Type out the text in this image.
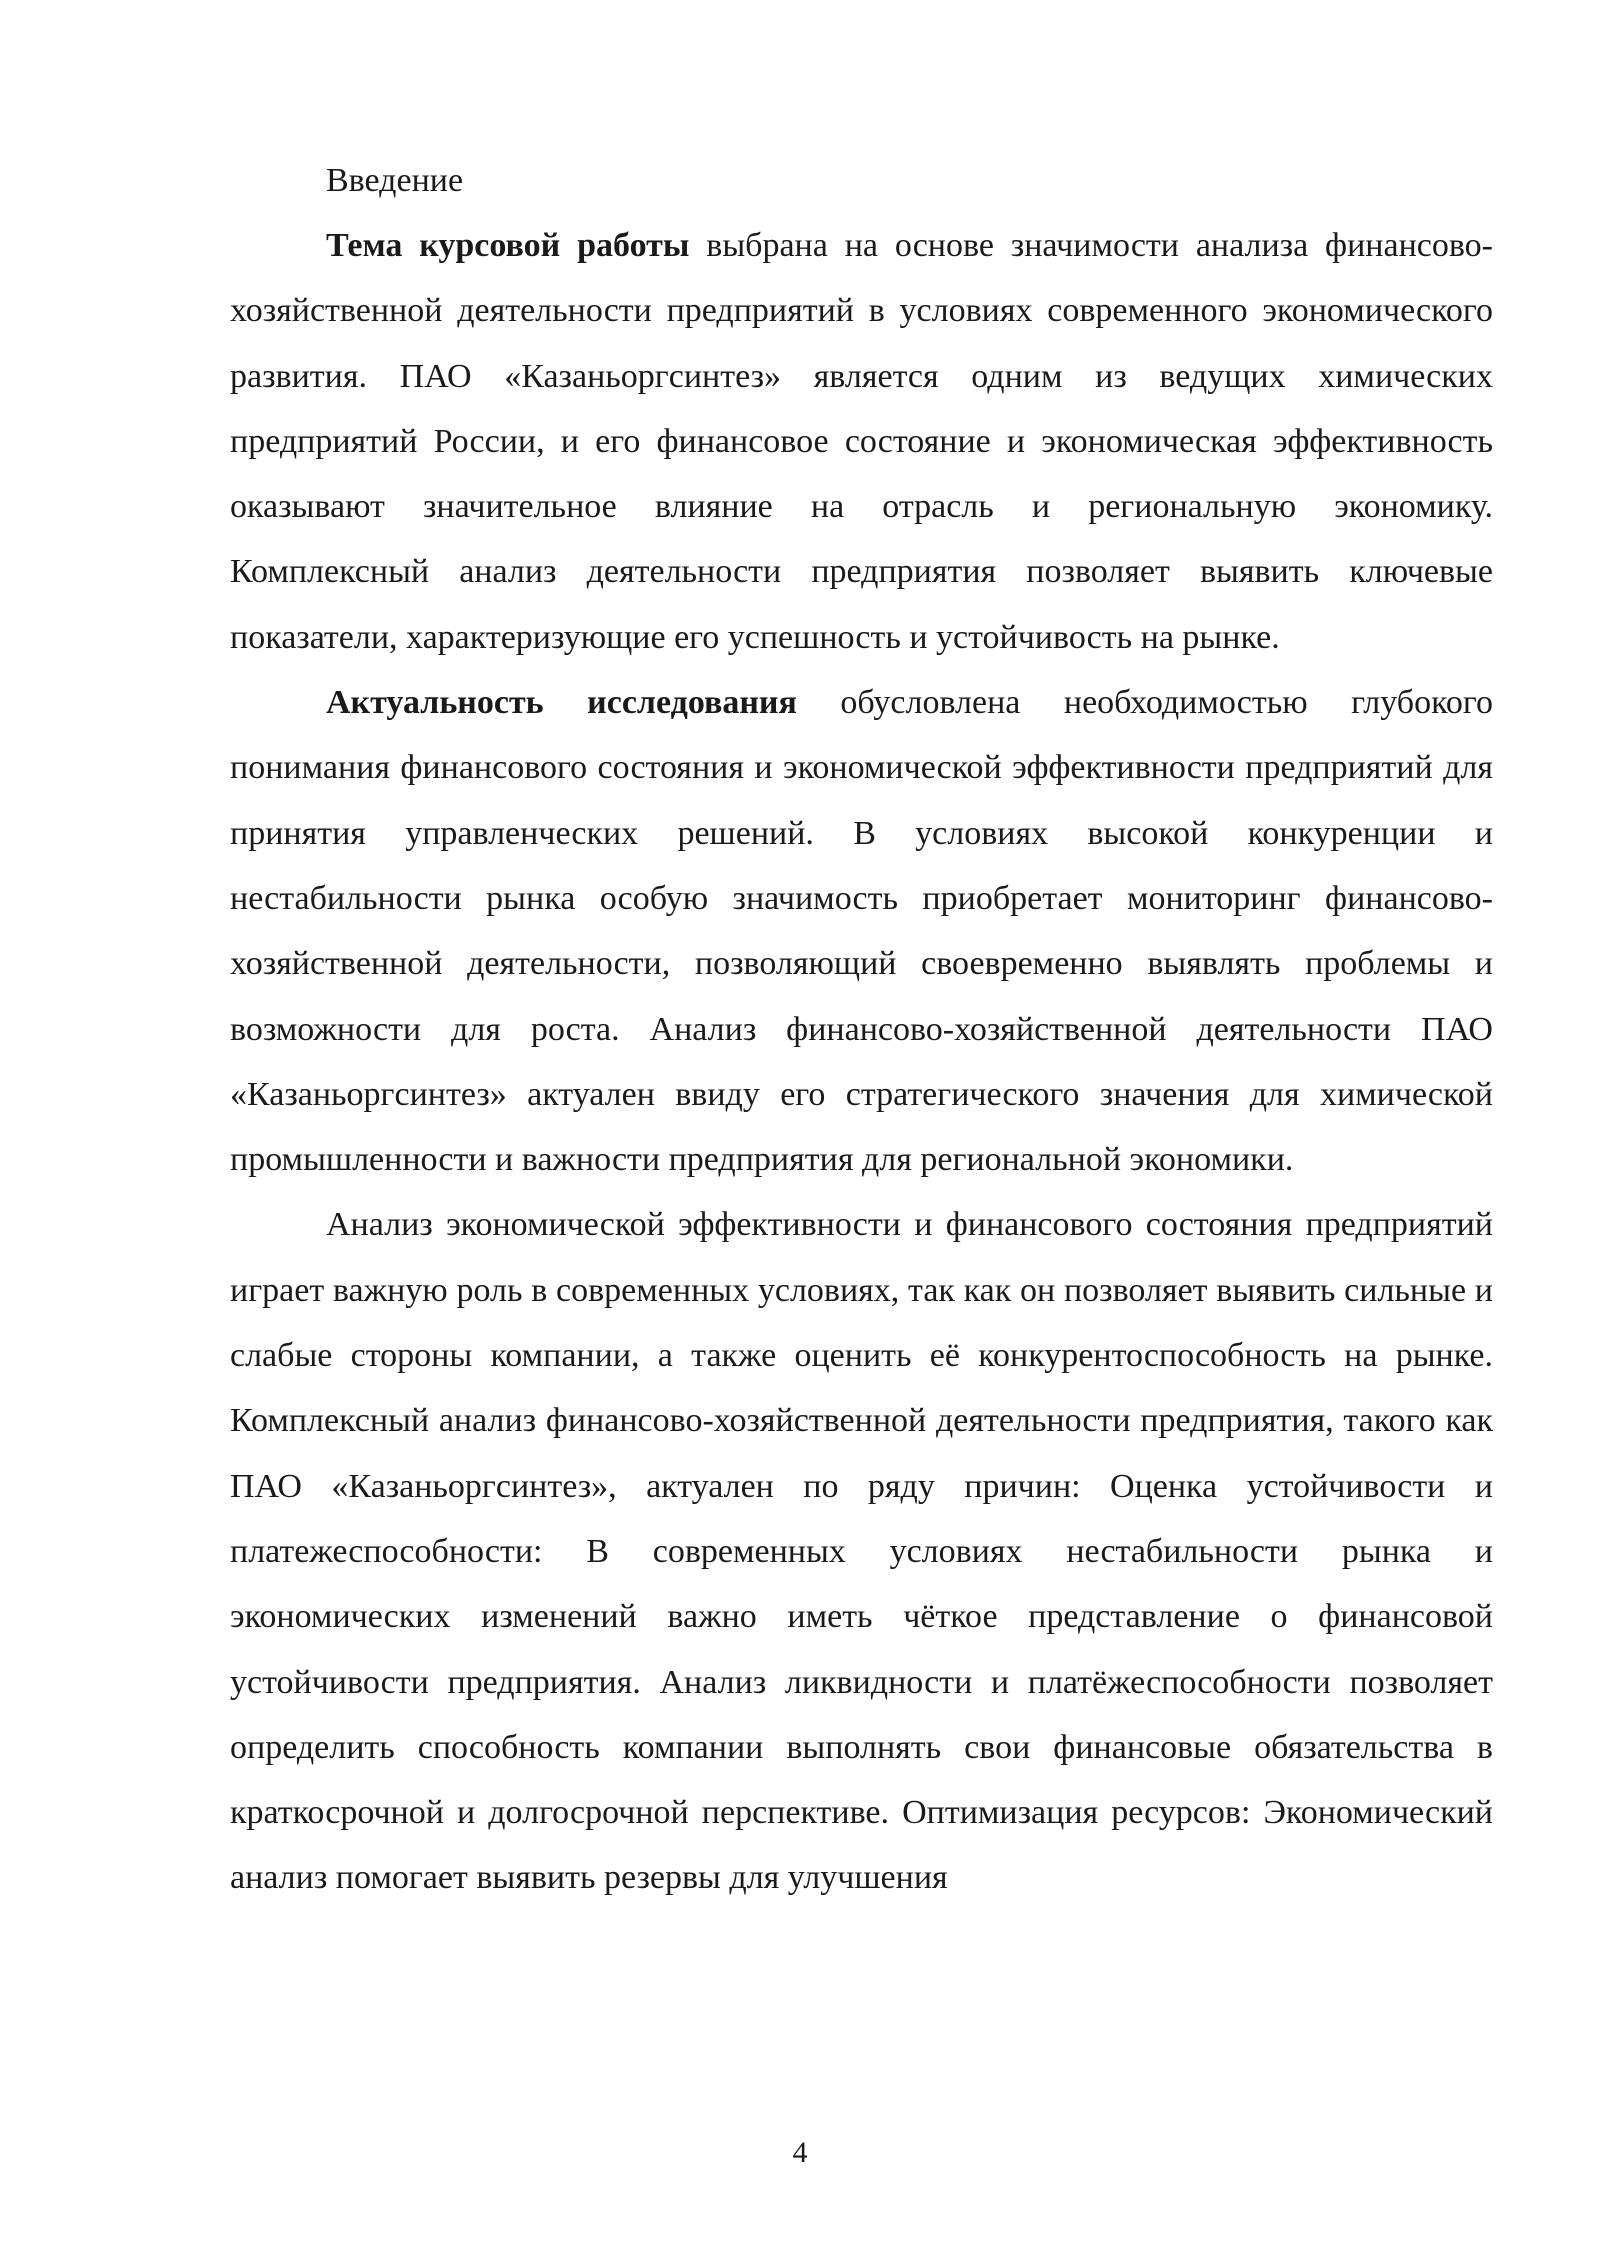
Введение

Тема курсовой работы выбрана на основе значимости анализа финансово-хозяйственной деятельности предприятий в условиях современного экономического развития. ПАО «Казаньоргсинтез» является одним из ведущих химических предприятий России, и его финансовое состояние и экономическая эффективность оказывают значительное влияние на отрасль и региональную экономику. Комплексный анализ деятельности предприятия позволяет выявить ключевые показатели, характеризующие его успешность и устойчивость на рынке.

Актуальность исследования обусловлена необходимостью глубокого понимания финансового состояния и экономической эффективности предприятий для принятия управленческих решений. В условиях высокой конкуренции и нестабильности рынка особую значимость приобретает мониторинг финансово-хозяйственной деятельности, позволяющий своевременно выявлять проблемы и возможности для роста. Анализ финансово-хозяйственной деятельности ПАО «Казаньоргсинтез» актуален ввиду его стратегического значения для химической промышленности и важности предприятия для региональной экономики.

Анализ экономической эффективности и финансового состояния предприятий играет важную роль в современных условиях, так как он позволяет выявить сильные и слабые стороны компании, а также оценить её конкурентоспособность на рынке. Комплексный анализ финансово-хозяйственной деятельности предприятия, такого как ПАО «Казаньоргсинтез», актуален по ряду причин: Оценка устойчивости и платежеспособности: В современных условиях нестабильности рынка и экономических изменений важно иметь чёткое представление о финансовой устойчивости предприятия. Анализ ликвидности и платёжеспособности позволяет определить способность компании выполнять свои финансовые обязательства в краткосрочной и долгосрочной перспективе. Оптимизация ресурсов: Экономический анализ помогает выявить резервы для улучшения

4
